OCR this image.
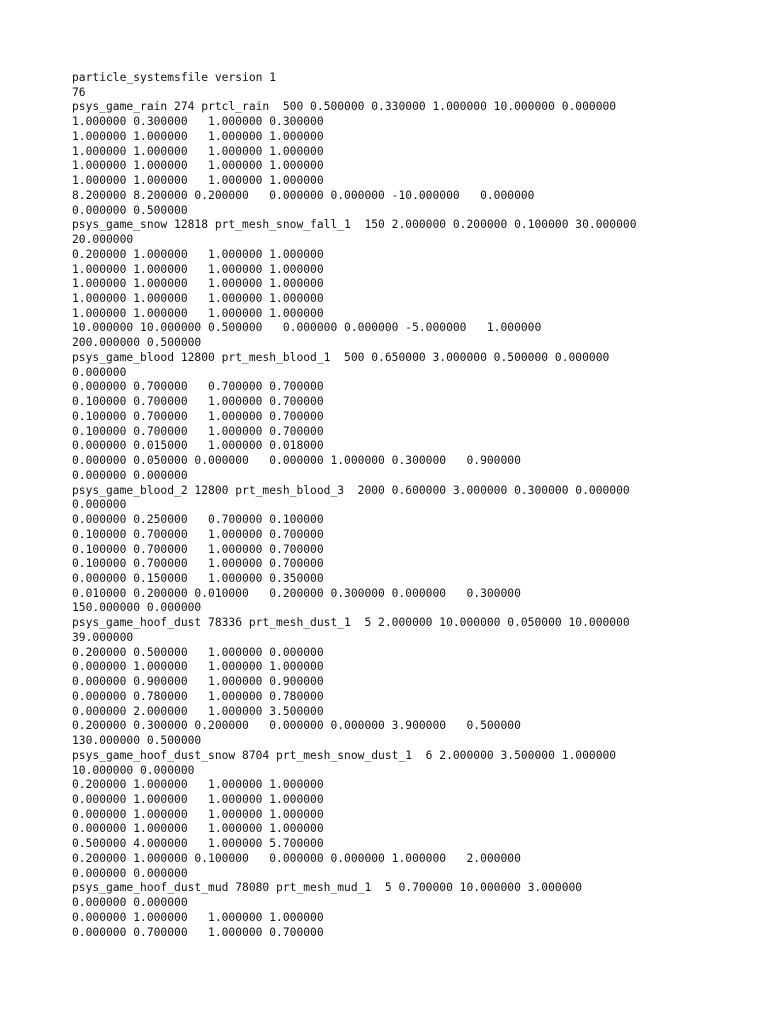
particle_systemsfile version 1
76
psys_game_rain 274 prtcl_rain  500 0.500000 0.330000 1.000000 10.000000 0.000000
1.000000 0.300000   1.000000 0.300000
1.000000 1.000000   1.000000 1.000000
1.000000 1.000000   1.000000 1.000000
1.000000 1.000000   1.000000 1.000000
1.000000 1.000000   1.000000 1.000000
8.200000 8.200000 0.200000   0.000000 0.000000 -10.000000   0.000000
0.000000 0.500000
psys_game_snow 12818 prt_mesh_snow_fall_1  150 2.000000 0.200000 0.100000 30.000000
20.000000
0.200000 1.000000   1.000000 1.000000
1.000000 1.000000   1.000000 1.000000
1.000000 1.000000   1.000000 1.000000
1.000000 1.000000   1.000000 1.000000
1.000000 1.000000   1.000000 1.000000
10.000000 10.000000 0.500000   0.000000 0.000000 -5.000000   1.000000
200.000000 0.500000
psys_game_blood 12800 prt_mesh_blood_1  500 0.650000 3.000000 0.500000 0.000000
0.000000
0.000000 0.700000   0.700000 0.700000
0.100000 0.700000   1.000000 0.700000
0.100000 0.700000   1.000000 0.700000
0.100000 0.700000   1.000000 0.700000
0.000000 0.015000   1.000000 0.018000
0.000000 0.050000 0.000000   0.000000 1.000000 0.300000   0.900000
0.000000 0.000000
psys_game_blood_2 12800 prt_mesh_blood_3  2000 0.600000 3.000000 0.300000 0.000000
0.000000
0.000000 0.250000   0.700000 0.100000
0.100000 0.700000   1.000000 0.700000
0.100000 0.700000   1.000000 0.700000
0.100000 0.700000   1.000000 0.700000
0.000000 0.150000   1.000000 0.350000
0.010000 0.200000 0.010000   0.200000 0.300000 0.000000   0.300000
150.000000 0.000000
psys_game_hoof_dust 78336 prt_mesh_dust_1  5 2.000000 10.000000 0.050000 10.000000
39.000000
0.200000 0.500000   1.000000 0.000000
0.000000 1.000000   1.000000 1.000000
0.000000 0.900000   1.000000 0.900000
0.000000 0.780000   1.000000 0.780000
0.000000 2.000000   1.000000 3.500000
0.200000 0.300000 0.200000   0.000000 0.000000 3.900000   0.500000
130.000000 0.500000
psys_game_hoof_dust_snow 8704 prt_mesh_snow_dust_1  6 2.000000 3.500000 1.000000
10.000000 0.000000
0.200000 1.000000   1.000000 1.000000
0.000000 1.000000   1.000000 1.000000
0.000000 1.000000   1.000000 1.000000
0.000000 1.000000   1.000000 1.000000
0.500000 4.000000   1.000000 5.700000
0.200000 1.000000 0.100000   0.000000 0.000000 1.000000   2.000000
0.000000 0.000000
psys_game_hoof_dust_mud 78080 prt_mesh_mud_1  5 0.700000 10.000000 3.000000
0.000000 0.000000
0.000000 1.000000   1.000000 1.000000
0.000000 0.700000   1.000000 0.700000
